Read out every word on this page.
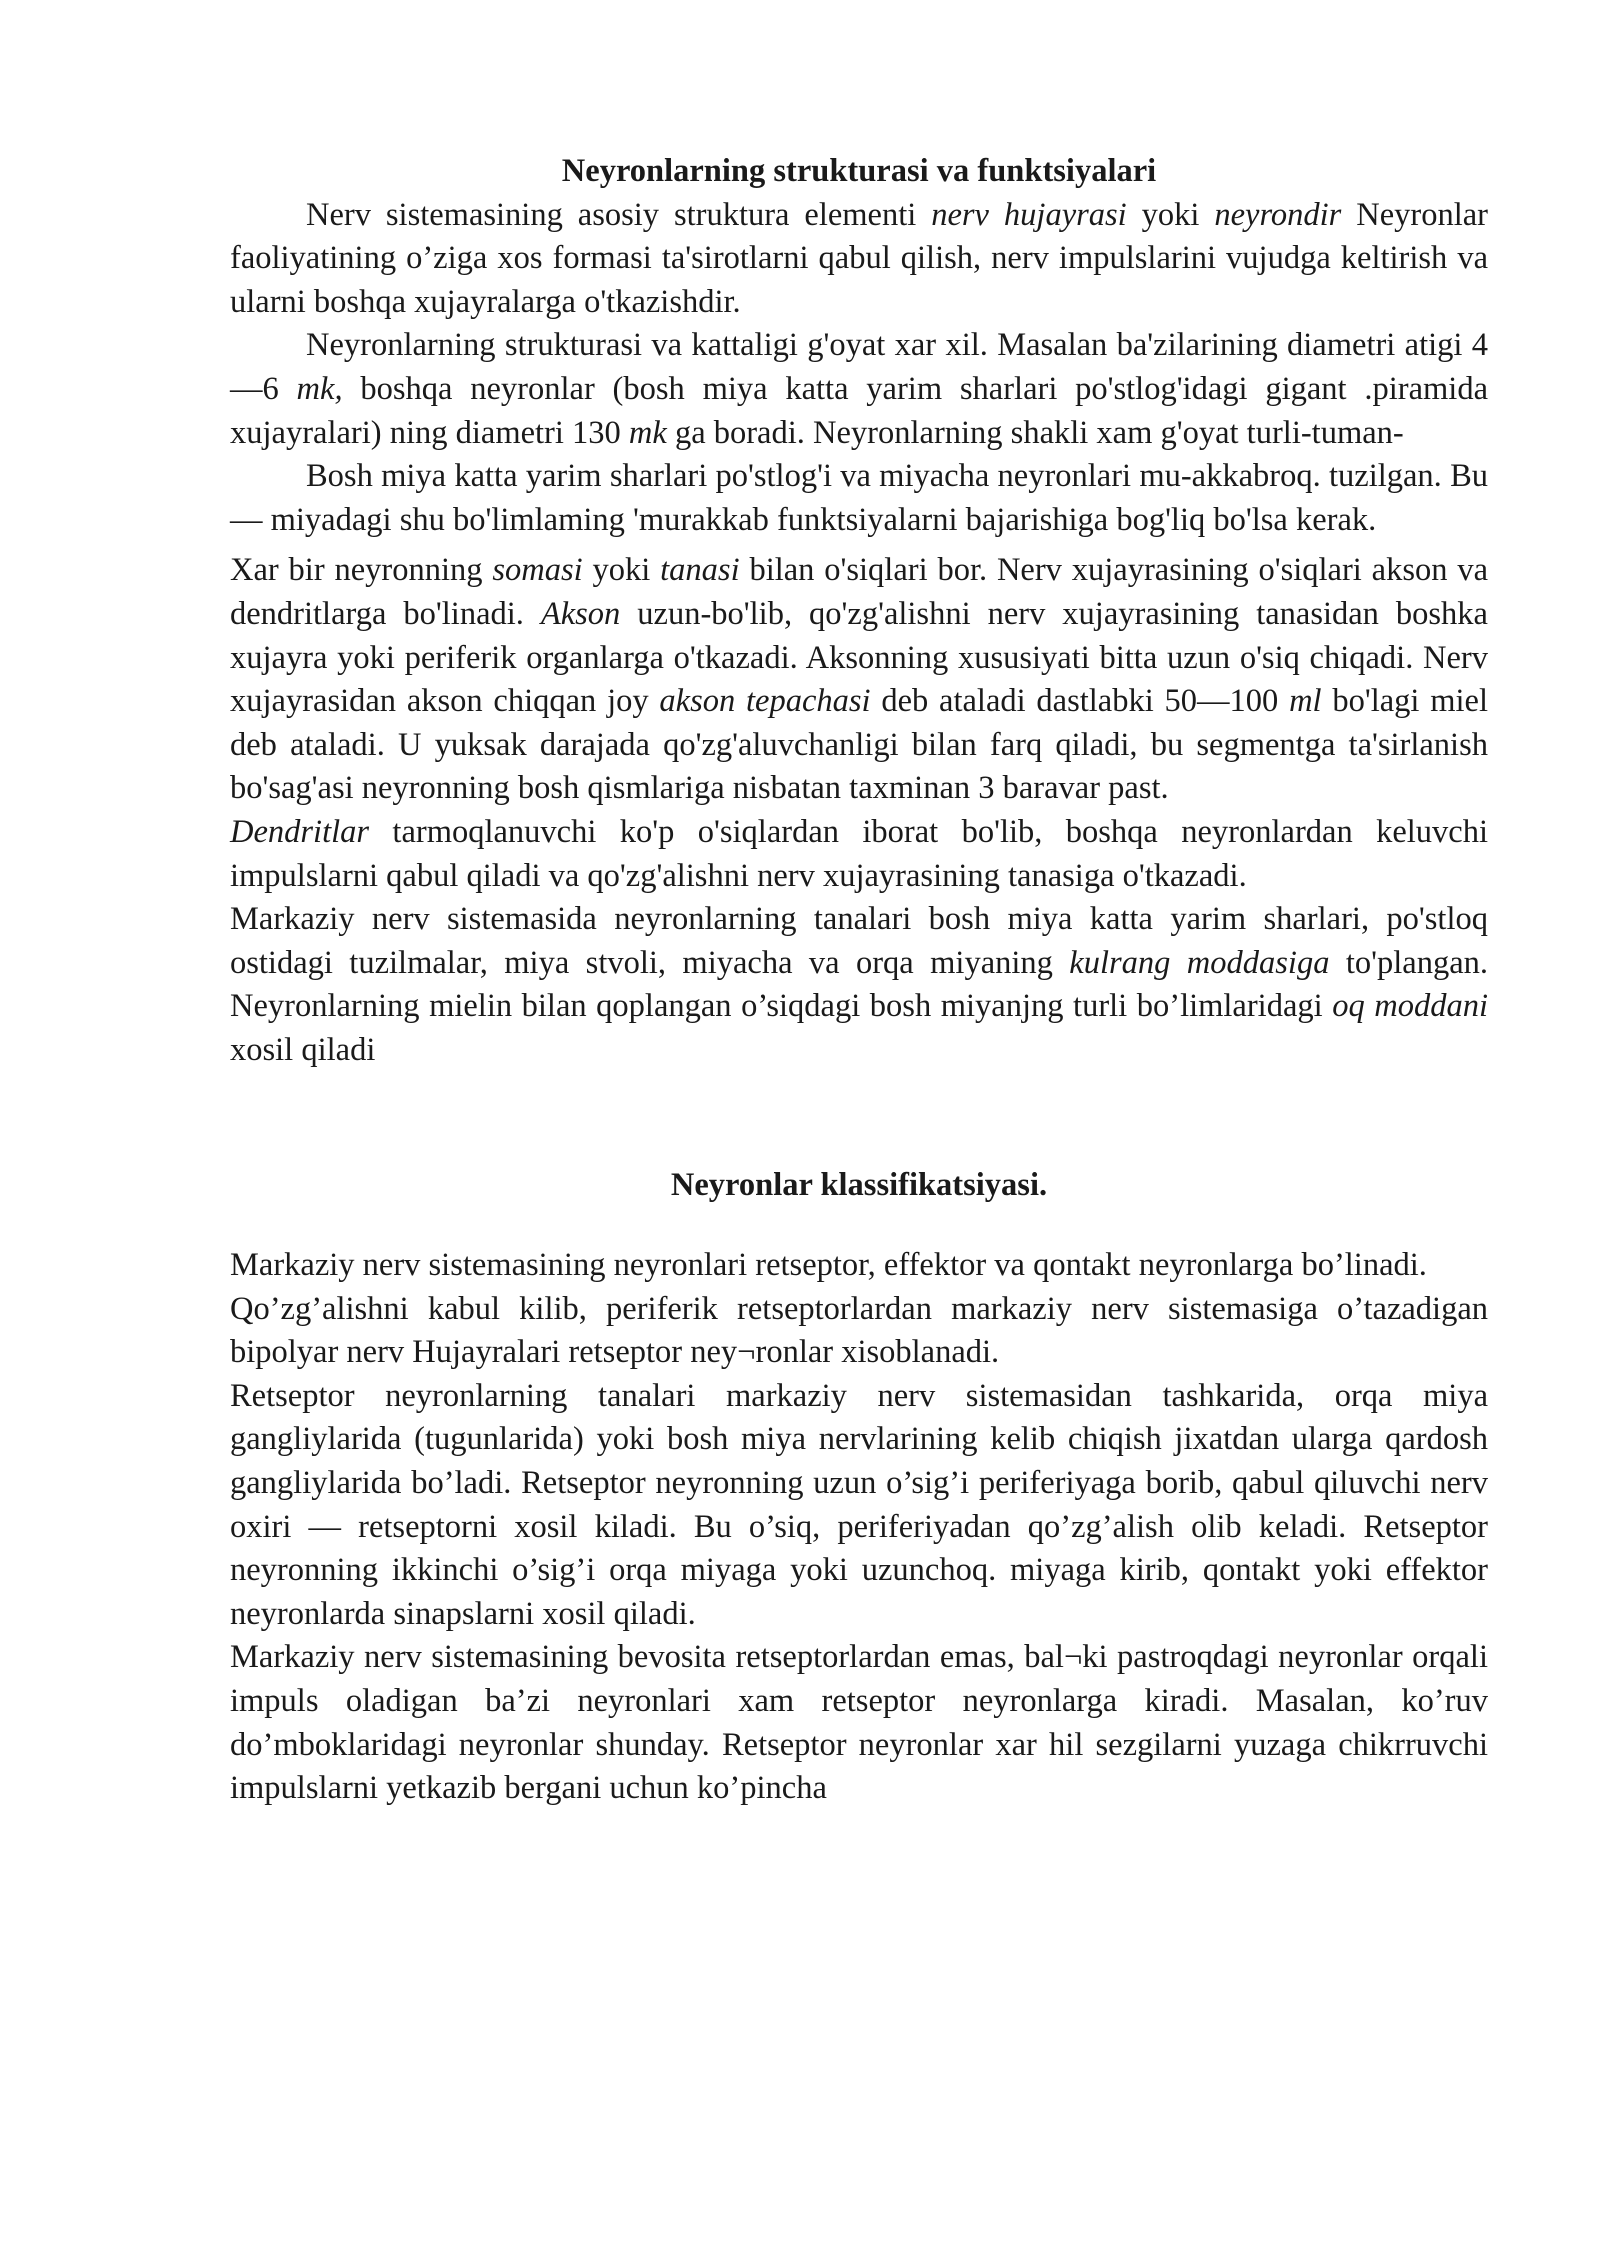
Neyronlarning strukturasi va funktsiyalari

Nerv sistemasining asosiy struktura elementi nerv hujayrasi yoki neyrondir Neyronlar faoliyatining o’ziga xos formasi ta'sirotlarni qabul qilish, nerv impulslarini vujudga keltirish va ularni boshqa xujayralarga o'tkazishdir.

Neyronlarning strukturasi va kattaligi g'oyat xar xil. Masalan ba'zilarining diametri atigi 4—6 mk, boshqa neyronlar (bosh miya katta yarim sharlari po'stlog'idagi gigant .piramida xujayralari) ning diametri 130 mk ga boradi. Neyronlarning shakli xam g'oyat turli-tuman-

Bosh miya katta yarim sharlari po'stlog'i va miyacha neyronlari mu-akkabroq. tuzilgan. Bu — miyadagi shu bo'limlaming 'murakkab funktsiyalarni bajarishiga bog'liq bo'lsa kerak.

Xar bir neyronning somasi yoki tanasi bilan o'siqlari bor. Nerv xujayrasining o'siqlari akson va dendritlarga bo'linadi. Akson uzun-bo'lib, qo'zg'alishni nerv xujayrasining tanasidan boshka xujayra yoki periferik organlarga o'tkazadi. Aksonning xususiyati bitta uzun o'siq chiqadi. Nerv xujayrasidan akson chiqqan joy akson tepachasi deb ataladi dastlabki 50—100 ml bo'lagi miel deb ataladi. U yuksak darajada qo'zg'aluvchanligi bilan farq qiladi, bu segmentga ta'sirlanish bo'sag'asi neyronning bosh qismlariga nisbatan taxminan 3 baravar past.

Dendritlar tarmoqlanuvchi ko'p o'siqlardan iborat bo'lib, boshqa neyronlardan keluvchi impulslarni qabul qiladi va qo'zg'alishni nerv xujayrasining tanasiga o'tkazadi.

Markaziy nerv sistemasida neyronlarning tanalari bosh miya katta yarim sharlari, po'stloq ostidagi tuzilmalar, miya stvoli, miyacha va orqa miyaning kulrang moddasiga to'plangan. Neyronlarning mielin bilan qoplangan o’siqdagi bosh miyanjng turli bo’limlaridagi oq moddani xosil qiladi

Neyronlar klassifikatsiyasi.

Markaziy nerv sistemasining neyronlari retseptor, effektor va qontakt neyronlarga bo’linadi.

Qo’zg’alishni kabul kilib, periferik retseptorlardan markaziy nerv sistemasiga o’tazadigan bipolyar nerv Hujayralari retseptor ney¬ronlar xisoblanadi.

Retseptor neyronlarning tanalari markaziy nerv sistemasidan tashkarida, orqa miya gangliylarida (tugunlarida) yoki bosh miya nervlarining kelib chiqish jixatdan ularga qardosh gangliylarida bo’ladi. Retseptor neyronning uzun o’sig’i periferiyaga borib, qabul qiluvchi nerv oxiri — retseptorni xosil kiladi. Bu o’siq, periferiyadan qo’zg’alish olib keladi. Retseptor neyronning ikkinchi o’sig’i orqa miyaga yoki uzunchoq. miyaga kirib, qontakt yoki effektor neyronlarda sinapslarni xosil qiladi.

Markaziy nerv sistemasining bevosita retseptorlardan emas, bal¬ki pastroqdagi neyronlar orqali impuls oladigan ba’zi neyronlari xam retseptor neyronlarga kiradi. Masalan, ko’ruv do’mboklaridagi neyronlar shunday. Retseptor neyronlar xar hil sezgilarni yuzaga chikrruvchi impulslarni yetkazib bergani uchun ko’pincha
